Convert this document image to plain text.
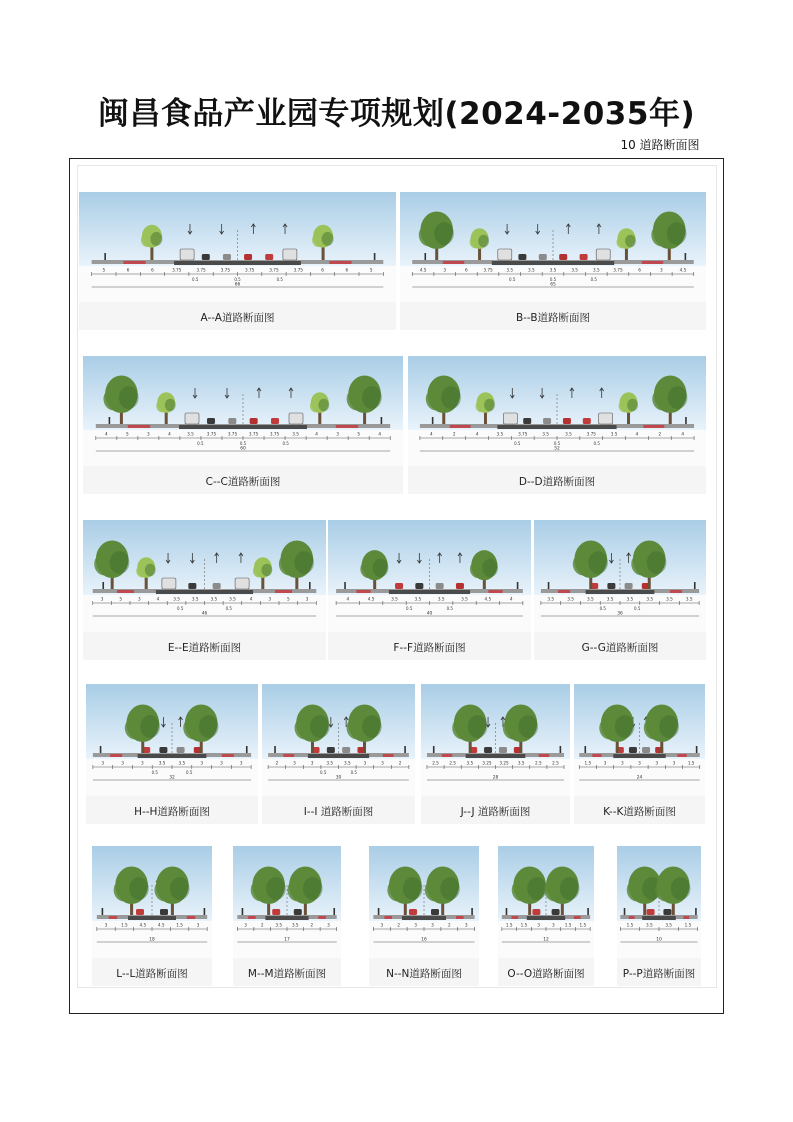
闽昌食品产业园专项规划(2024-2035年)
10 道路断面图
5	6	6	3.75	3.75	3.75	3.75	3.75	3.75	6	6	5
0.5	0.5	0.5
66
A--A道路断面图
4.5	3	6	3.75	3.5	3.5	3.5	3.5	3.5	3.75	6	3	4.5
0.5	0.5	0.5
65
B--B道路断面图
4	5	3	4	3.5	3.75	3.75	3.75	3.75	3.5	4	3	5	4
0.5	0.5	0.5
60
C--C道路断面图
4	2	4	3.5	3.75	3.5	3.5	3.75	3.5	4	2	4
0.5	0.5	0.5
52
D--D道路断面图
3	5	3	4	3.5	3.5	3.5	3.5	4	3	5	3
0.5	0.5
46
E--E道路断面图
4	4.5	3.5	3.5	3.5	3.5	4.5	4
0.5	0.5
40
F--F道路断面图
3.5	3.5	3.5	3.5	3.5	3.5	3.5	3.5
0.5	0.5
36
G--G道路断面图
3	3	3	3.5	3.5	3	3	3
0.5	0.5
32
H--H道路断面图
2	3	3	3.5	3.5	3	3	2
0.5	0.5
30
I--I 道路断面图
2.5 2.5 3.5 3.25 3.25 3.5 2.5 2.5
28
J--J 道路断面图
1.5	3	3	3	3	3	1.5
24
K--K道路断面图
3	1.5	4.5	4.5	1.5	3
18
L--L道路断面图
3	2	3.5 3.5	2	3
17
M--M道路断面图
3	2	3	3	2	3
16
N--N道路断面图
1.5 1.5 3	3 1.5 1.5
12
O--O道路断面图
1.5	3.5	3.5	1.5
10
P--P道路断面图
